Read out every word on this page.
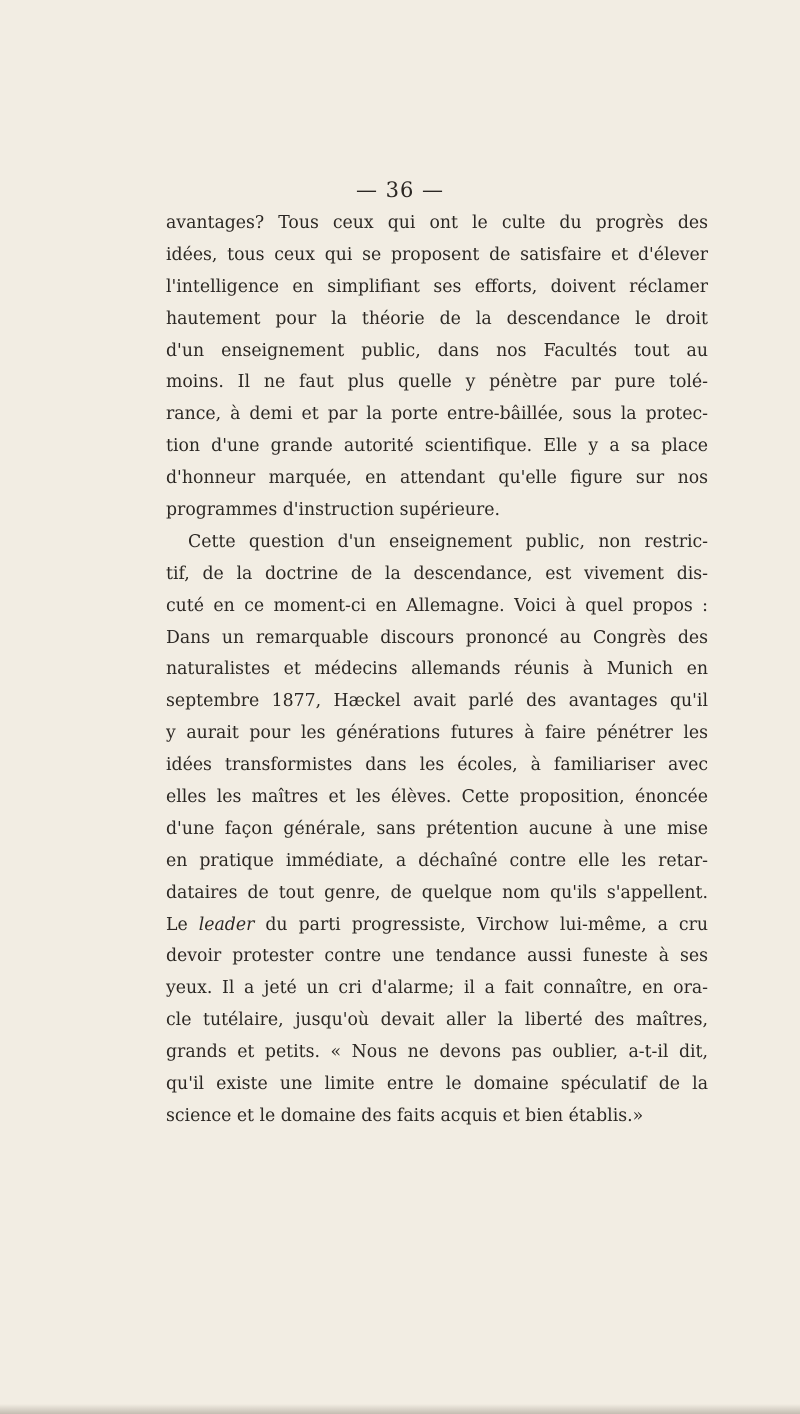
— 36 —
avantages? Tous ceux qui ont le culte du progrès des
idées, tous ceux qui se proposent de satisfaire et d'élever
l'intelligence en simplifiant ses efforts, doivent réclamer
hautement pour la théorie de la descendance le droit
d'un enseignement public, dans nos Facultés tout au
moins. Il ne faut plus quelle y pénètre par pure tolé-
rance, à demi et par la porte entre-bâillée, sous la protec-
tion d'une grande autorité scientifique. Elle y a sa place
d'honneur marquée, en attendant qu'elle figure sur nos
programmes d'instruction supérieure.
Cette question d'un enseignement public, non restric-
tif, de la doctrine de la descendance, est vivement dis-
cuté en ce moment-ci en Allemagne. Voici à quel propos :
Dans un remarquable discours prononcé au Congrès des
naturalistes et médecins allemands réunis à Munich en
septembre 1877, Hæckel avait parlé des avantages qu'il
y aurait pour les générations futures à faire pénétrer les
idées transformistes dans les écoles, à familiariser avec
elles les maîtres et les élèves. Cette proposition, énoncée
d'une façon générale, sans prétention aucune à une mise
en pratique immédiate, a déchaîné contre elle les retar-
dataires de tout genre, de quelque nom qu'ils s'appellent.
Le leader du parti progressiste, Virchow lui-même, a cru
devoir protester contre une tendance aussi funeste à ses
yeux. Il a jeté un cri d'alarme; il a fait connaître, en ora-
cle tutélaire, jusqu'où devait aller la liberté des maîtres,
grands et petits. « Nous ne devons pas oublier, a-t-il dit,
qu'il existe une limite entre le domaine spéculatif de la
science et le domaine des faits acquis et bien établis.»
